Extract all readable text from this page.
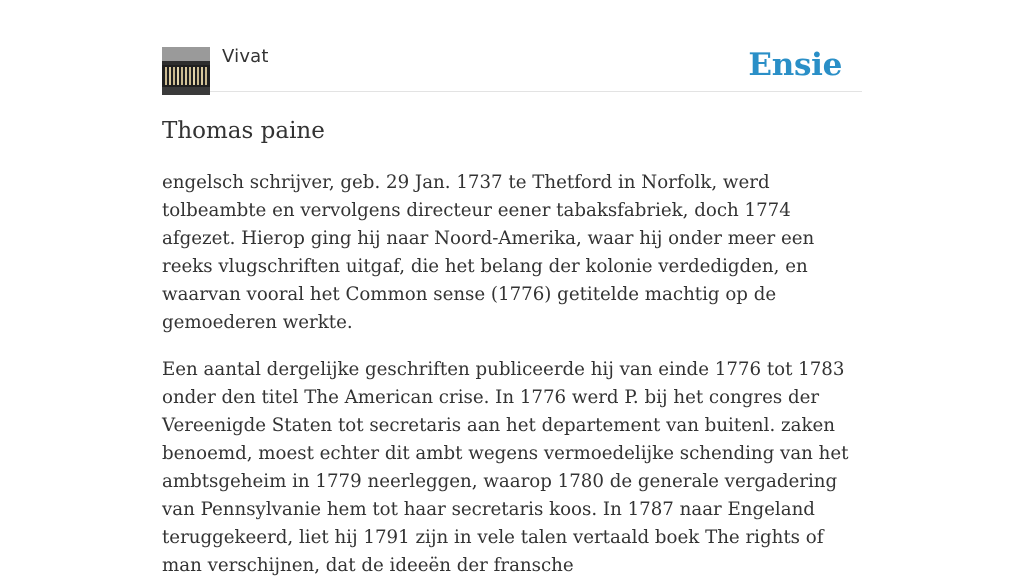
Vivat	Ensie
Thomas paine

engelsch schrijver, geb. 29 Jan. 1737 te Thetford in Norfolk, werd tolbeambte en vervolgens directeur eener tabaksfabriek, doch 1774 afgezet. Hierop ging hij naar Noord-Amerika, waar hij onder meer een reeks vlugschriften uitgaf, die het belang der kolonie verdedigden, en waarvan vooral het Common sense (1776) getitelde machtig op de gemoederen werkte.

Een aantal dergelijke geschriften publiceerde hij van einde 1776 tot 1783 onder den titel The American crise. In 1776 werd P. bij het congres der Vereenigde Staten tot secretaris aan het departement van buitenl. zaken benoemd, moest echter dit ambt wegens vermoedelijke schending van het ambtsgeheim in 1779 neerleggen, waarop 1780 de generale vergadering van Pennsylvanie hem tot haar secretaris koos. In 1787 naar Engeland teruggekeerd, liet hij 1791 zijn in vele talen vertaald boek The rights of man verschijnen, dat de ideeën der fransche
